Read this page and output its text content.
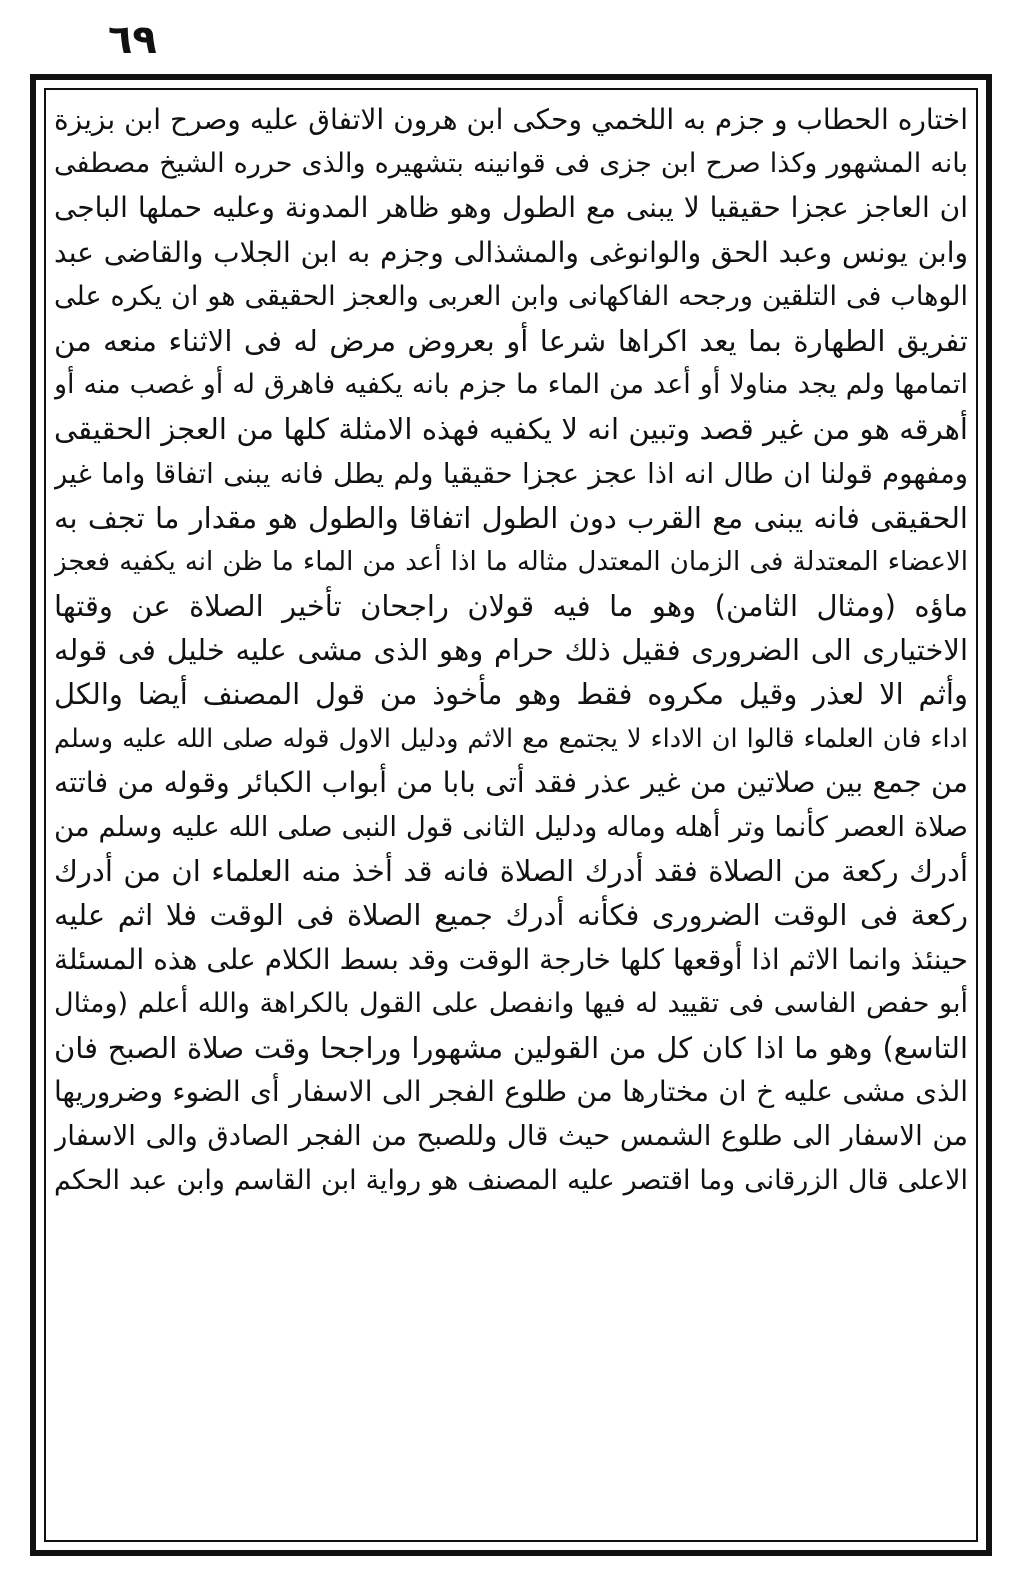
٦٩
اختاره الحطاب و جزم به اللخمي وحكى ابن هرون الاتفاق عليه وصرح ابن بزيزة
بانه المشهور وكذا صرح ابن جزى فى قوانينه بتشهيره والذى حرره الشيخ مصطفى
ان العاجز عجزا حقيقيا لا يبنى مع الطول وهو ظاهر المدونة وعليه حملها الباجى
وابن يونس وعبد الحق والوانوغى والمشذالى وجزم به ابن الجلاب والقاضى عبد
الوهاب فى التلقين ورجحه الفاكهانى وابن العربى والعجز الحقيقى هو ان يكره على
تفريق الطهارة بما يعد اكراها شرعا أو بعروض مرض له فى الاثناء منعه من
اتمامها ولم يجد مناولا أو أعد من الماء ما جزم بانه يكفيه فاهرق له أو غصب منه أو
أهرقه هو من غير قصد وتبين انه لا يكفيه فهذه الامثلة كلها من العجز الحقيقى
ومفهوم قولنا ان طال انه اذا عجز عجزا حقيقيا ولم يطل فانه يبنى اتفاقا واما غير
الحقيقى فانه يبنى مع القرب دون الطول اتفاقا والطول هو مقدار ما تجف به
الاعضاء المعتدلة فى الزمان المعتدل مثاله ما اذا أعد من الماء ما ظن انه يكفيه فعجز
ماؤه (ومثال الثامن) وهو ما فيه قولان راجحان تأخير الصلاة عن وقتها
الاختيارى الى الضرورى فقيل ذلك حرام وهو الذى مشى عليه خليل فى قوله
وأثم الا لعذر وقيل مكروه فقط وهو مأخوذ من قول المصنف أيضا والكل
اداء فان العلماء قالوا ان الاداء لا يجتمع مع الاثم ودليل الاول قوله صلى الله عليه وسلم
من جمع بين صلاتين من غير عذر فقد أتى بابا من أبواب الكبائر وقوله من فاتته
صلاة العصر كأنما وتر أهله وماله ودليل الثانى قول النبى صلى الله عليه وسلم من
أدرك ركعة من الصلاة فقد أدرك الصلاة فانه قد أخذ منه العلماء ان من أدرك
ركعة فى الوقت الضرورى فكأنه أدرك جميع الصلاة فى الوقت فلا اثم عليه
حينئذ وانما الاثم اذا أوقعها كلها خارجة الوقت وقد بسط الكلام على هذه المسئلة
أبو حفص الفاسى فى تقييد له فيها وانفصل على القول بالكراهة والله أعلم (ومثال
التاسع) وهو ما اذا كان كل من القولين مشهورا وراجحا وقت صلاة الصبح فان
الذى مشى عليه خ ان مختارها من طلوع الفجر الى الاسفار أى الضوء وضروريها
من الاسفار الى طلوع الشمس حيث قال وللصبح من الفجر الصادق والى الاسفار
الاعلى قال الزرقانى وما اقتصر عليه المصنف هو رواية ابن القاسم وابن عبد الحكم
